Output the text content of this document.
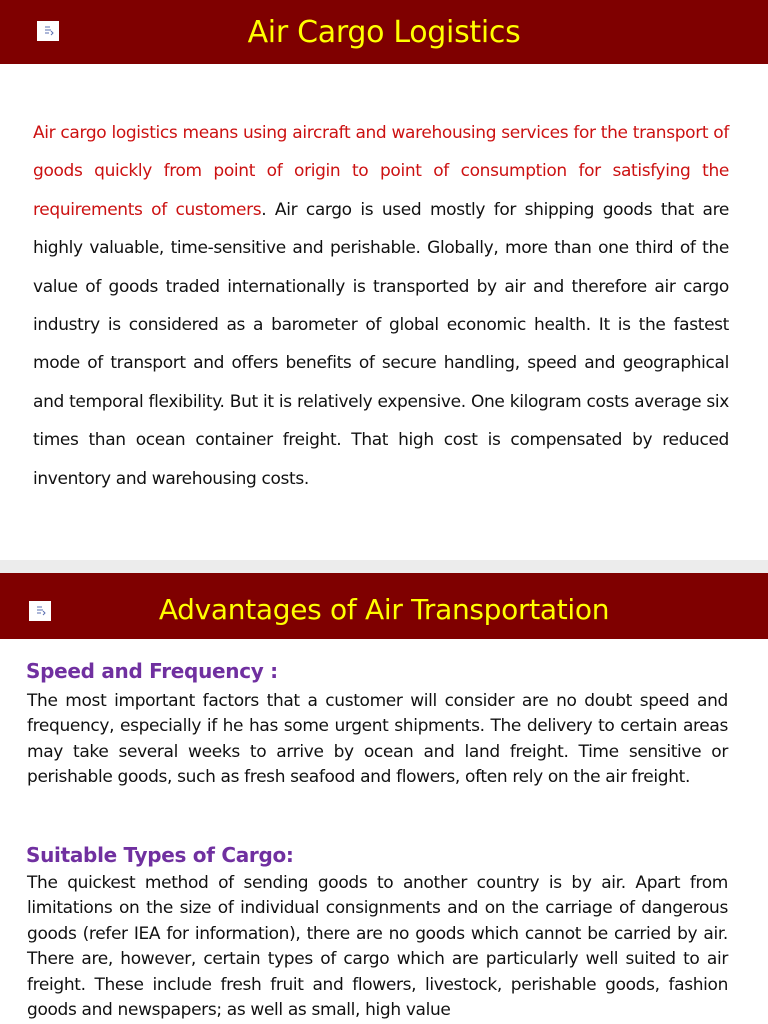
Air Cargo Logistics
Air cargo logistics means using aircraft and warehousing services for the transport of goods quickly from point of origin to point of consumption for satisfying the requirements of customers. Air cargo is used mostly for shipping goods that are highly valuable, time-sensitive and perishable. Globally, more than one third of the value of goods traded internationally is transported by air and therefore air cargo industry is considered as a barometer of global economic health. It is the fastest mode of transport and offers benefits of secure handling, speed and geographical and temporal flexibility. But it is relatively expensive. One kilogram costs average six times than ocean container freight. That high cost is compensated by reduced inventory and warehousing costs.
Advantages of Air Transportation
Speed and Frequency :
The most important factors that a customer will consider are no doubt speed and frequency, especially if he has some urgent shipments. The delivery to certain areas may take several weeks to arrive by ocean and land freight. Time sensitive or perishable goods, such as fresh seafood and flowers, often rely on the air freight.
Suitable Types of Cargo:
The quickest method of sending goods to another country is by air. Apart from limitations on the size of individual consignments and on the carriage of dangerous goods (refer IEA for information), there are no goods which cannot be carried by air. There are, however, certain types of cargo which are particularly well suited to air freight. These include fresh fruit and flowers, livestock, perishable goods, fashion goods and newspapers; as well as small, high value
